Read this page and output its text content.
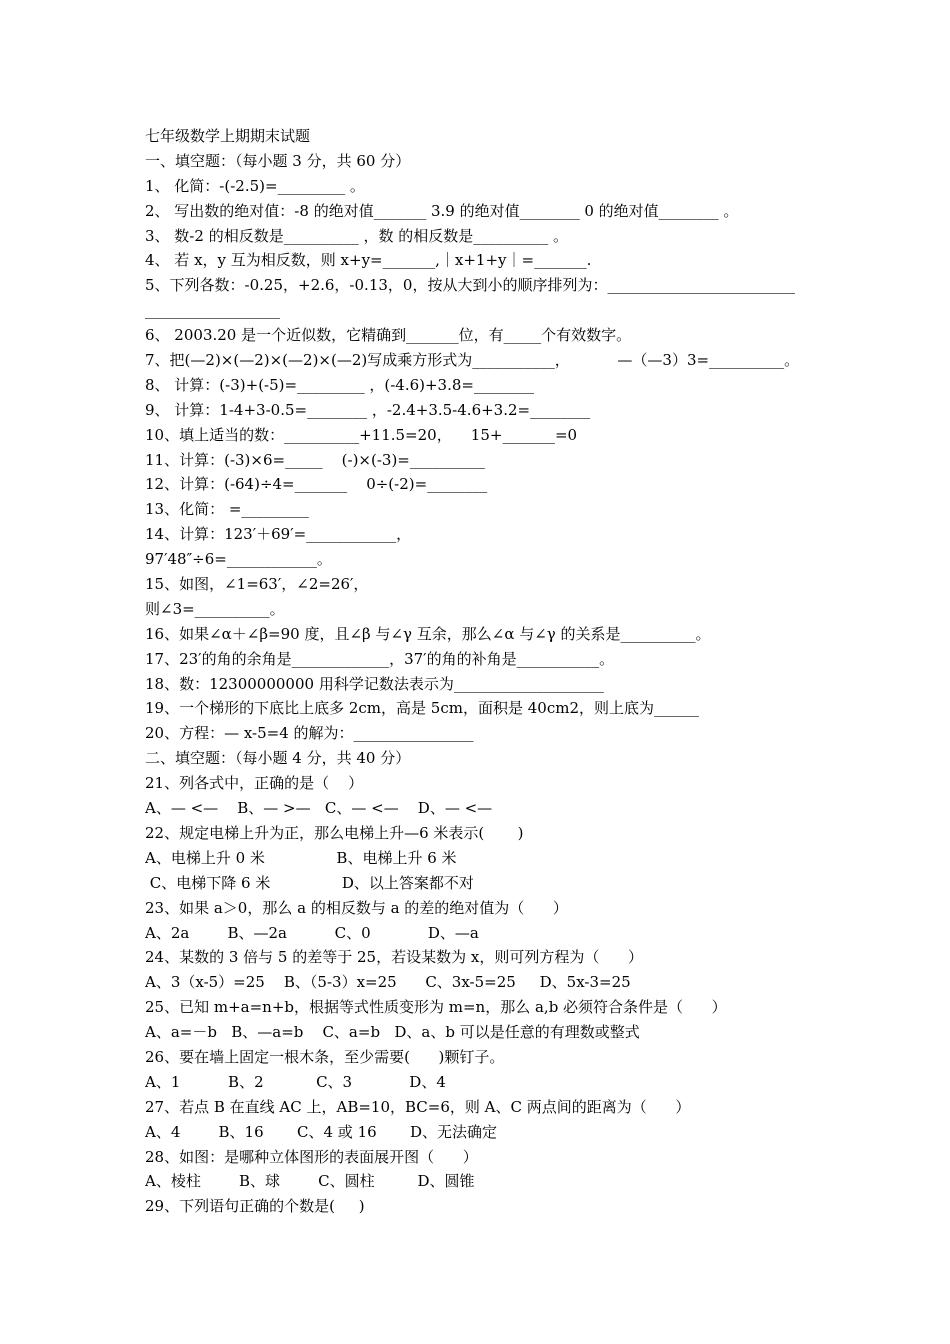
七年级数学上期期末试题
一、填空题：（每小题 3 分，共 60 分）
1、 化简：-(-2.5)=_________ 。
2、 写出数的绝对值：-8 的绝对值_______ 3.9 的绝对值________ 0 的绝对值________ 。
3、 数-2 的相反数是__________ ，数 的相反数是__________ 。
4、 若 x，y 互为相反数，则 x+y=_______,｜x+1+y｜=_______.
5、下列各数：-0.25，+2.6，-0.13，0，按从大到小的顺序排列为：_________________________
__________________
6、 2003.20 是一个近似数，它精确到_______位，有_____个有效数字。
7、把(—2)×(—2)×(—2)×(—2)写成乘方形式为___________，          —（—3）3=__________。
8、 计算：(-3)+(-5)=_________ ，(-4.6)+3.8=________
9、 计算：1-4+3-0.5=________ ，-2.4+3.5-4.6+3.2=________
10、填上适当的数：__________+11.5=20，    15+_______=0
11、计算：(-3)×6=_____    (-)×(-3)=__________
12、计算：(-64)÷4=_______    0÷(-2)=________
13、化简： =_________
14、计算：123′＋69′=____________，
97′48″÷6=____________。
15、如图，∠1=63′，∠2=26′，
则∠3=__________。
16、如果∠α＋∠β=90 度，且∠β 与∠γ 互余，那么∠α 与∠γ 的关系是__________。
17、23′的角的余角是_____________，37′的角的补角是___________。
18、数：12300000000 用科学记数法表示为____________________
19、一个梯形的下底比上底多 2cm，高是 5cm，面积是 40cm2，则上底为______
20、方程：— x-5=4 的解为：________________
二、填空题：（每小题 4 分，共 40 分）
21、列各式中，正确的是（    ）
A、— <—    B、— >—   C、— <—    D、— <—
22、规定电梯上升为正，那么电梯上升—6 米表示(       )
A、电梯上升 0 米               B、电梯上升 6 米
C、电梯下降 6 米               D、以上答案都不对
23、如果 a＞0，那么 a 的相反数与 a 的差的绝对值为（      ）
A、2a        B、—2a          C、0            D、—a
24、某数的 3 倍与 5 的差等于 25，若设某数为 x，则可列方程为（      ）
A、3（x-5）=25    B、（5-3）x=25      C、3x-5=25     D、5x-3=25
25、已知 m+a=n+b，根据等式性质变形为 m=n，那么 a,b 必须符合条件是（      ）
A、a=－b   B、—a=b    C、a=b   D、a、b 可以是任意的有理数或整式
26、要在墙上固定一根木条，至少需要(      )颗钉子。
A、1          B、2           C、3            D、4
27、若点 B 在直线 AC 上，AB=10，BC=6，则 A、C 两点间的距离为（      ）
A、4        B、16       C、4 或 16       D、无法确定
28、如图：是哪种立体图形的表面展开图（      ）
A、棱柱        B、球        C、圆柱         D、圆锥
29、下列语句正确的个数是(     )
